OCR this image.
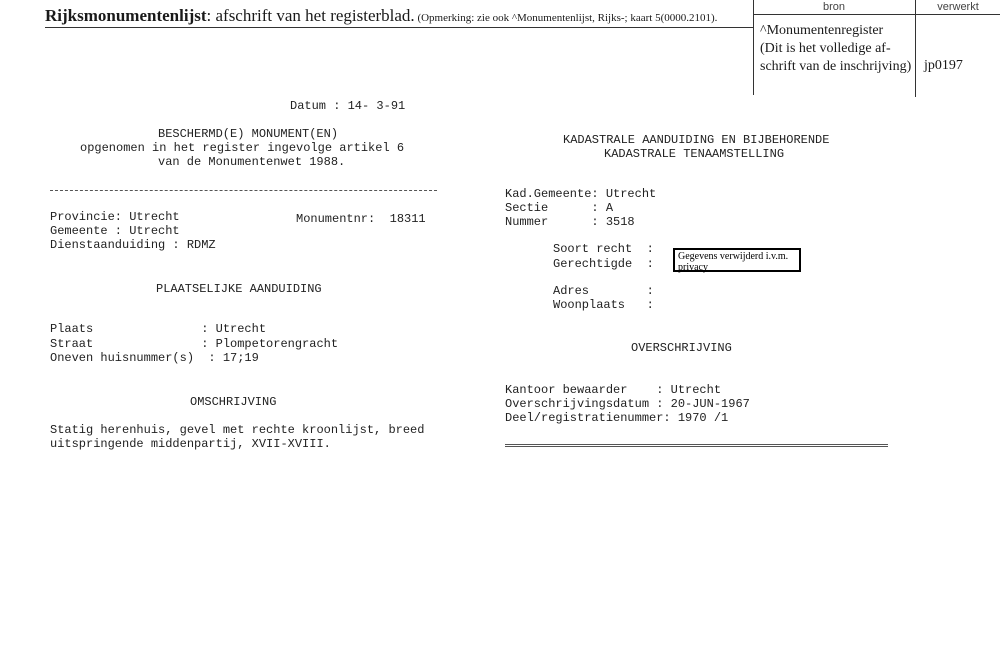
Rijksmonumentenlijst: afschrift van het registerblad. (Opmerking: zie ook ^Monumentenlijst, Rijks-; kaart 5(0000.2101).
bron	verwerkt
^Monumentenregister
(Dit is het volledige af-
schrift van de inschrijving) jp0197
Datum : 14- 3-91
BESCHERMD(E) MONUMENT(EN)
opgenomen in het register ingevolge artikel 6
van de Monumentenwet 1988.
Provincie: Utrecht	Monumentnr:  18311
Gemeente : Utrecht
Dienstaanduiding : RDMZ
PLAATSELIJKE AANDUIDING
Plaats               : Utrecht
Straat               : Plompetorengracht
Oneven huisnummer(s)  : 17;19
OMSCHRIJVING
Statig herenhuis, gevel met rechte kroonlijst, breed
uitspringende middenpartij, XVII-XVIII.
KADASTRALE AANDUIDING EN BIJBEHORENDE
KADASTRALE TENAAMSTELLING
Kad.Gemeente: Utrecht
Sectie      : A
Nummer      : 3518
Soort recht  :
Gerechtigde  :
Gegevens verwijderd i.v.m. privacy
Adres        :
Woonplaats   :
OVERSCHRIJVING
Kantoor bewaarder    : Utrecht
Overschrijvingsdatum : 20-JUN-1967
Deel/registratienummer: 1970 /1
